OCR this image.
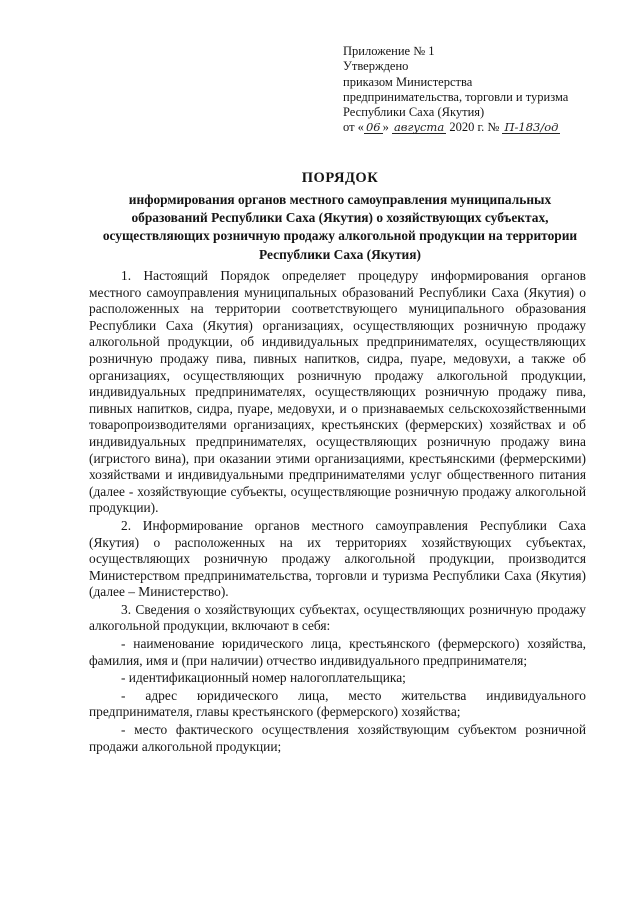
Приложение № 1
Утверждено
приказом Министерства
предпринимательства, торговли и туризма
Республики Саха (Якутия)
от « 06 » августа 2020 г. № П-183/од
ПОРЯДОК
информирования органов местного самоуправления муниципальных образований Республики Саха (Якутия) о хозяйствующих субъектах, осуществляющих розничную продажу алкогольной продукции на территории Республики Саха (Якутия)

1. Настоящий Порядок определяет процедуру информирования органов местного самоуправления муниципальных образований Республики Саха (Якутия) о расположенных на территории соответствующего муниципального образования Республики Саха (Якутия) организациях, осуществляющих розничную продажу алкогольной продукции, об индивидуальных предпринимателях, осуществляющих розничную продажу пива, пивных напитков, сидра, пуаре, медовухи, а также об организациях, осуществляющих розничную продажу алкогольной продукции, индивидуальных предпринимателях, осуществляющих розничную продажу пива, пивных напитков, сидра, пуаре, медовухи, и о признаваемых сельскохозяйственными товаропроизводителями организациях, крестьянских (фермерских) хозяйствах и об индивидуальных предпринимателях, осуществляющих розничную продажу вина (игристого вина), при оказании этими организациями, крестьянскими (фермерскими) хозяйствами и индивидуальными предпринимателями услуг общественного питания (далее - хозяйствующие субъекты, осуществляющие розничную продажу алкогольной продукции).

2. Информирование органов местного самоуправления Республики Саха (Якутия) о расположенных на их территориях хозяйствующих субъектах, осуществляющих розничную продажу алкогольной продукции, производится Министерством предпринимательства, торговли и туризма Республики Саха (Якутия) (далее – Министерство).

3. Сведения о хозяйствующих субъектах, осуществляющих розничную продажу алкогольной продукции, включают в себя:

- наименование юридического лица, крестьянского (фермерского) хозяйства, фамилия, имя и (при наличии) отчество индивидуального предпринимателя;

- идентификационный номер налогоплательщика;

- адрес юридического лица, место жительства индивидуального предпринимателя, главы крестьянского (фермерского) хозяйства;

- место фактического осуществления хозяйствующим субъектом розничной продажи алкогольной продукции;
